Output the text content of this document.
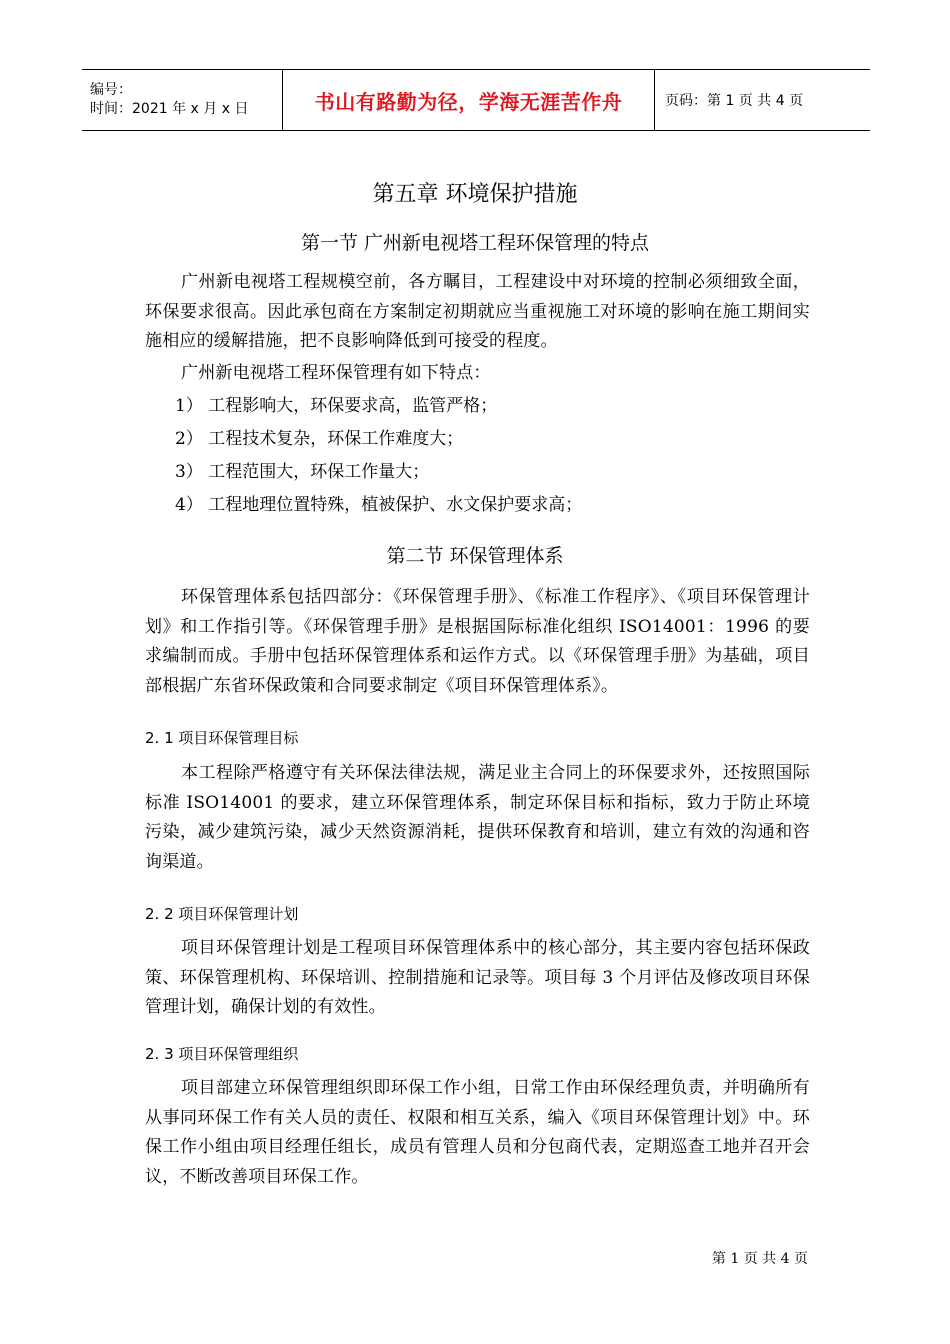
编号：
时间：2021 年 x 月 x 日	书山有路勤为径，学海无涯苦作舟	页码：第 1 页 共 4 页
第五章 环境保护措施
第一节 广州新电视塔工程环保管理的特点

广州新电视塔工程规模空前，各方瞩目，工程建设中对环境的控制必须细致全面，环保要求很高。因此承包商在方案制定初期就应当重视施工对环境的影响在施工期间实施相应的缓解措施，把不良影响降低到可接受的程度。

广州新电视塔工程环保管理有如下特点：

1） 工程影响大，环保要求高，监管严格；
2） 工程技术复杂，环保工作难度大；
3） 工程范围大，环保工作量大；
4） 工程地理位置特殊，植被保护、水文保护要求高；
第二节 环保管理体系

环保管理体系包括四部分：《环保管理手册》、《标准工作程序》、《项目环保管理计划》和工作指引等。《环保管理手册》是根据国际标准化组织 ISO14001：1996 的要求编制而成。手册中包括环保管理体系和运作方式。以《环保管理手册》为基础，项目部根据广东省环保政策和合同要求制定《项目环保管理体系》。

2. 1 项目环保管理目标

本工程除严格遵守有关环保法律法规，满足业主合同上的环保要求外，还按照国际标准 ISO14001 的要求，建立环保管理体系，制定环保目标和指标，致力于防止环境污染，减少建筑污染，减少天然资源消耗，提供环保教育和培训，建立有效的沟通和咨询渠道。

2. 2 项目环保管理计划

项目环保管理计划是工程项目环保管理体系中的核心部分，其主要内容包括环保政策、环保管理机构、环保培训、控制措施和记录等。项目每 3 个月评估及修改项目环保管理计划，确保计划的有效性。

2. 3 项目环保管理组织

项目部建立环保管理组织即环保工作小组，日常工作由环保经理负责，并明确所有从事同环保工作有关人员的责任、权限和相互关系，编入《项目环保管理计划》中。环保工作小组由项目经理任组长，成员有管理人员和分包商代表，定期巡查工地并召开会议，不断改善项目环保工作。

第 1 页 共 4 页
